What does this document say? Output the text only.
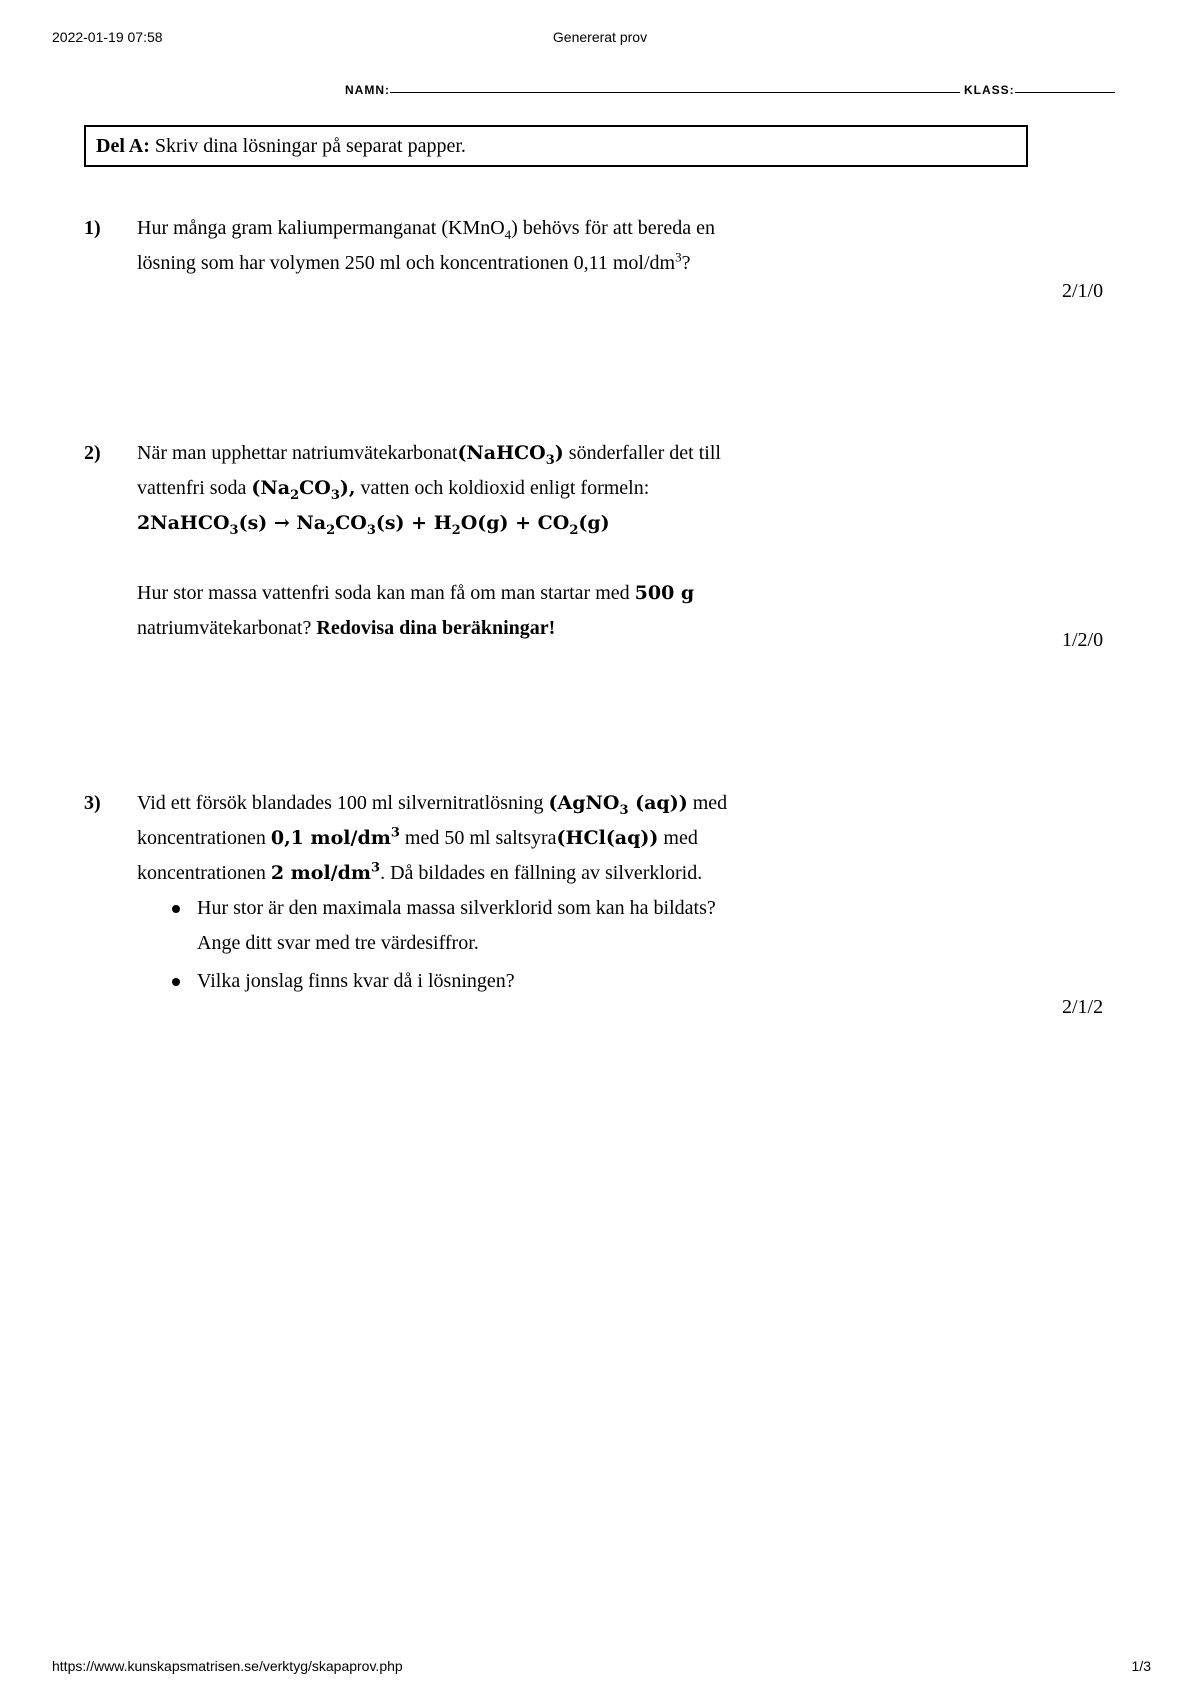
2022-01-19 07:58	Genererat prov
NAMN:	KLASS:
Del A: Skriv dina lösningar på separat papper.
1) Hur många gram kaliumpermanganat (KMnO$_4$) behövs för att bereda en
lösning som har volymen 250 ml och koncentrationen 0,11 mol/$dm^3$?
2/1/0
2) När man upphettar natriumvätekarbonat(NaHCO$_3$) sönderfaller det till
vattenfri soda $(Na_2CO_3)$, vatten och koldioxid enligt formeln:
2NaHCO$_3$(s) → $Na_2CO_3(s) + H_2O(g) + CO_2(g)$
Hur stor massa vattenfri soda kan man få om man startar med 500 g
natriumvätekarbonat? Redovisa dina beräkningar!
1/2/0
3) Vid ett försök blandades 100 ml silvernitratlösning (AgNO$_3$ (aq)) med
koncentrationen 0,1 mol/$dm^3$ med 50 ml saltsyra(HCl(aq)) med
koncentrationen 2 mol/$dm^3$. Då bildades en fällning av silverklorid.
Hur stor är den maximala massa silverklorid som kan ha bildats?
Ange ditt svar med tre värdesiffror.
Vilka jonslag finns kvar då i lösningen?
2/1/2
https://www.kunskapsmatrisen.se/verktyg/skapaprov.php	1/3
